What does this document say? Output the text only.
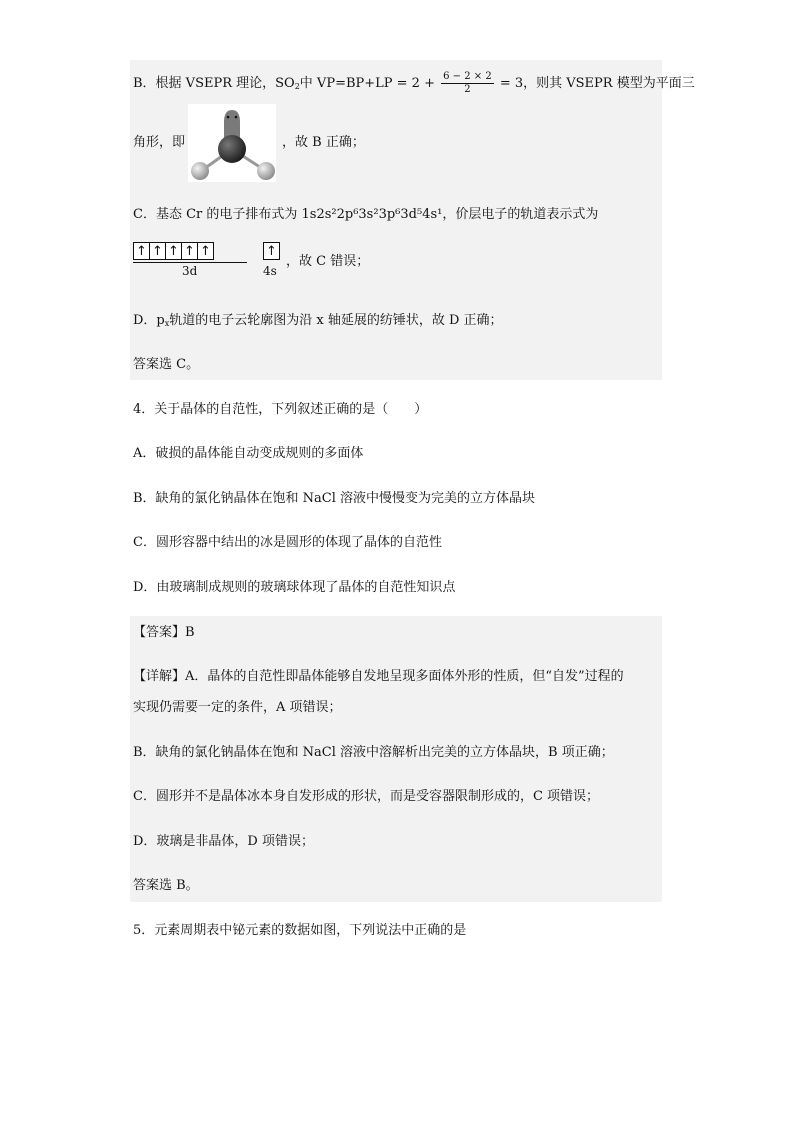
B．根据 VSEPR 理论，$SO_2$中 $VP=BP+LP = 2 + \frac{6 - 2 \times 2}{2} = 3$，则其 VSEPR 模型为平面三
角形，即	，故 B 正确；
C．基态 Cr 的电子排布式为 1s2s²2p⁶3s²3p⁶3d⁵4s¹，价层电子的轨道表示式为
↑ ↑ ↑ ↑ ↑	↑
3d	4s
，故 C 错误；
D．$p_x$轨道的电子云轮廓图为沿 x 轴延展的纺锤状，故 D 正确；
答案选 C。
4．关于晶体的自范性，下列叙述正确的是（　　）
A．破损的晶体能自动变成规则的多面体
B．缺角的氯化钠晶体在饱和 NaCl 溶液中慢慢变为完美的立方体晶块
C．圆形容器中结出的冰是圆形的体现了晶体的自范性
D．由玻璃制成规则的玻璃球体现了晶体的自范性知识点
【答案】B
【详解】A．晶体的自范性即晶体能够自发地呈现多面体外形的性质，但“自发”过程的
实现仍需要一定的条件，A 项错误；
B．缺角的氯化钠晶体在饱和 NaCl 溶液中溶解析出完美的立方体晶块，B 项正确；
C．圆形并不是晶体冰本身自发形成的形状，而是受容器限制形成的，C 项错误；
D．玻璃是非晶体，D 项错误；
答案选 B。
5．元素周期表中铋元素的数据如图，下列说法中正确的是
